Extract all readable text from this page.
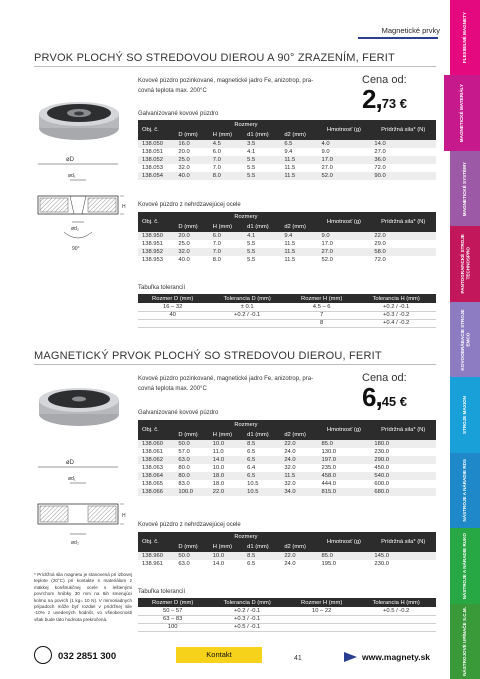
Magnetické prvky	FLEXIBILNÉ MAGNETY
MAGNETICKÉ MATERIÁLY
MAGNETICKÉ SYSTÉMY
PANTOGRAFICKÉ STROJE TECHNOSPRO
KOVOOBRÁBACIE STROJE EMCO
STROJE MAXION
NÁSTROJE A NÁRADIE RDS
NÁSTROJE A NÁRADIE RUKO
NÁSTROJOVÉ UPÍNAČE S.C.M.
PRVOK PLOCHÝ SO STREDOVOU DIEROU A 90° ZRAZENÍM, FERIT
øD
ød₁
H
ød₂
90°
Kovové púzdro pozinkované, magnetické jadro Fe, anizotrop, pra-
covná teplota max. 200°C
Cena od:
2,73 €
Galvanizované kovové púzdro
Obj. č.	Rozmery				Hmotnosť (g)	Prídržná sila* (N)
	D (mm)	H (mm)	d1 (mm)	d2 (mm)		
138.050	16.0	4.5	3.5	6.5	4.0	14.0
138.051	20.0	6.0	4.1	9.4	9.0	27.0
138.052	25.0	7.0	5.5	11.5	17.0	36.0
138.053	32.0	7.0	5.5	11.5	27.0	72.0
138.054	40.0	8.0	5.5	11.5	52.0	90.0
Kovové púzdro z nehrdzavejúcej ocele
Obj. č.	Rozmery				Hmotnosť (g)	Prídržná sila* (N)
	D (mm)	H (mm)	d1 (mm)	d2 (mm)		
138.950	20.0	6.0	4.1	9.4	9.0	22.0
138.951	25.0	7.0	5.5	11.5	17.0	29.0
138.952	32.0	7.0	5.5	11.5	27.0	58.0
138.953	40.0	8.0	5.5	11.5	52.0	72.0
Tabuľka tolerancií
Rozmer D (mm)	Tolerancia D (mm)	Rozmer H (mm)	Tolerancia H (mm)
16 – 32	± 0.1	4.5 – 6	+0.2 / -0.1
40	+0.2 / -0.1	7	+0.3 / -0.2
		8	+0.4 / -0.2
MAGNETICKÝ PRVOK PLOCHÝ SO STREDOVOU DIEROU, FERIT
øD
ød₁
H
ød₂
* Prídržná sila magnetu je stanovená pri izbovej teplote (20°C) pri kontakte s materiálom z mäkkej konštrukčnej ocele s leštenými povrchom hrúbky 30 mm na 6ih smerujúci kolmo na povrch (1 kg= 10 N). V mimoriadnych prípadoch môže byť rozdiel v prídržnej sile -10% z uvedených hodnôt, vo všeobecnosti však bude táto hodnota prekročená.
Kovové púzdro pozinkované, magnetické jadro Fe, anizotrop, pra-
covná teplota max. 200°C
Cena od:
6,45 €
Galvanizované kovové púzdro
Obj. č.	Rozmery				Hmotnosť (g)	Prídržná sila* (N)
	D (mm)	H (mm)	d1 (mm)	d2 (mm)		
138.060	50.0	10.0	8.5	22.0	85.0	180.0
138.061	57.0	11.0	6.5	24.0	130.0	230.0
138.062	63.0	14.0	6.5	24.0	197.0	290.0
138.063	80.0	10.0	6.4	32.0	235.0	450.0
138.064	80.0	18.0	6.5	11.5	458.0	540.0
138.065	83.0	18.0	10.5	32.0	444.0	600.0
138.066	100.0	22.0	10.5	34.0	815.0	680.0
Kovové púzdro z nehrdzavejúcej ocele
Obj. č.	Rozmery				Hmotnosť (g)	Prídržná sila* (N)
	D (mm)	H (mm)	d1 (mm)	d2 (mm)		
138.960	50.0	10.0	8.5	22.0	85.0	145.0
138.961	63.0	14.0	6.5	24.0	195.0	230.0
Tabuľka tolerancií
Rozmer D (mm)	Tolerancia D (mm)	Rozmer H (mm)	Tolerancia H (mm)
50 – 57	+0.2 / -0.1	10 – 22	+0.5 / -0.2
63 – 83	+0.3 / -0.1		
100	+0.5 / -0.1		
032 2851 300	Kontakt	41	www.magnety.sk
